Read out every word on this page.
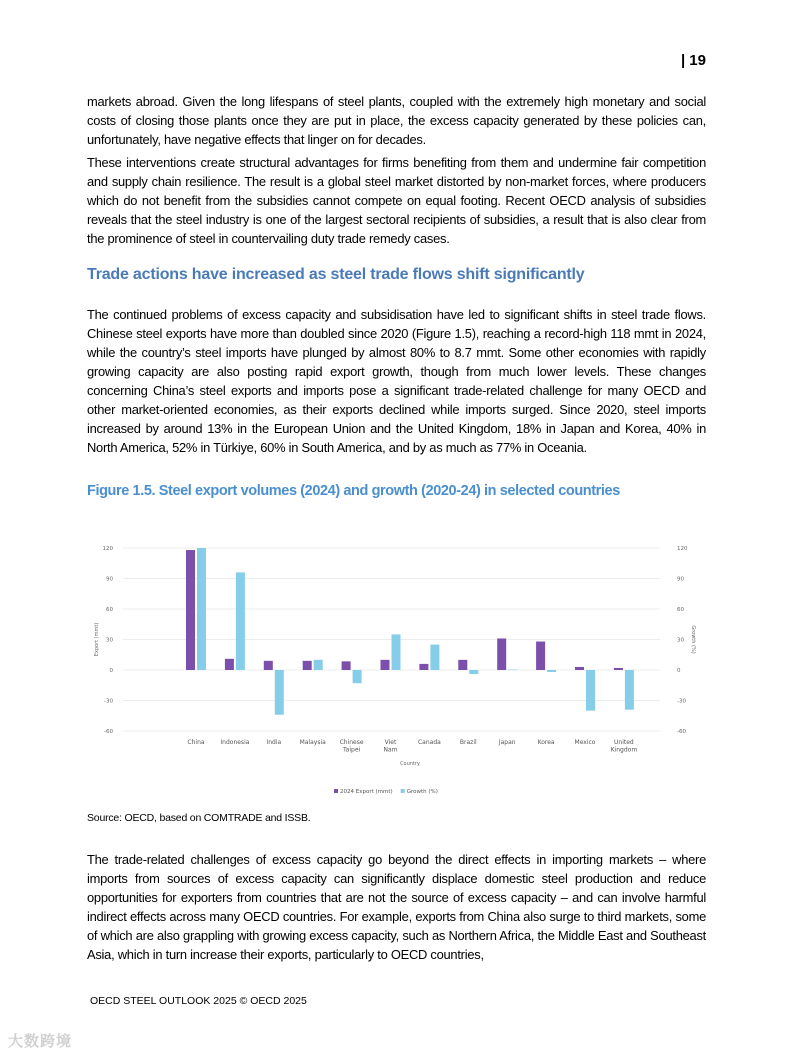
| 19

markets abroad. Given the long lifespans of steel plants, coupled with the extremely high monetary and social costs of closing those plants once they are put in place, the excess capacity generated by these policies can, unfortunately, have negative effects that linger on for decades.

These interventions create structural advantages for firms benefiting from them and undermine fair competition and supply chain resilience. The result is a global steel market distorted by non-market forces, where producers which do not benefit from the subsidies cannot compete on equal footing. Recent OECD analysis of subsidies reveals that the steel industry is one of the largest sectoral recipients of subsidies, a result that is also clear from the prominence of steel in countervailing duty trade remedy cases.

Trade actions have increased as steel trade flows shift significantly

The continued problems of excess capacity and subsidisation have led to significant shifts in steel trade flows. Chinese steel exports have more than doubled since 2020 (Figure 1.5), reaching a record-high 118 mmt in 2024, while the country’s steel imports have plunged by almost 80% to 8.7 mmt. Some other economies with rapidly growing capacity are also posting rapid export growth, though from much lower levels. These changes concerning China’s steel exports and imports pose a significant trade-related challenge for many OECD and other market-oriented economies, as their exports declined while imports surged. Since 2020, steel imports increased by around 13% in the European Union and the United Kingdom, 18% in Japan and Korea, 40% in North America, 52% in Türkiye, 60% in South America, and by as much as 77% in Oceania.

Figure 1.5. Steel export volumes (2024) and growth (2020-24) in selected countries
120	120
90	90
60	60
30	30
0	0
-30	-30
-60	-60
Export (mmt)	Growth (%)
China	Indonesia	India	Malaysia Chinese Taipei
Viet Nam
Canada	Brazil	Japan	Korea	Mexico	United Kingdom
Country
2024 Export (mmt)	Growth (%)
Source: OECD, based on COMTRADE and ISSB.

The trade-related challenges of excess capacity go beyond the direct effects in importing markets – where imports from sources of excess capacity can significantly displace domestic steel production and reduce opportunities for exporters from countries that are not the source of excess capacity – and can involve harmful indirect effects across many OECD countries. For example, exports from China also surge to third markets, some of which are also grappling with growing excess capacity, such as Northern Africa, the Middle East and Southeast Asia, which in turn increase their exports, particularly to OECD countries,

OECD STEEL OUTLOOK 2025 © OECD 2025
大数跨境
